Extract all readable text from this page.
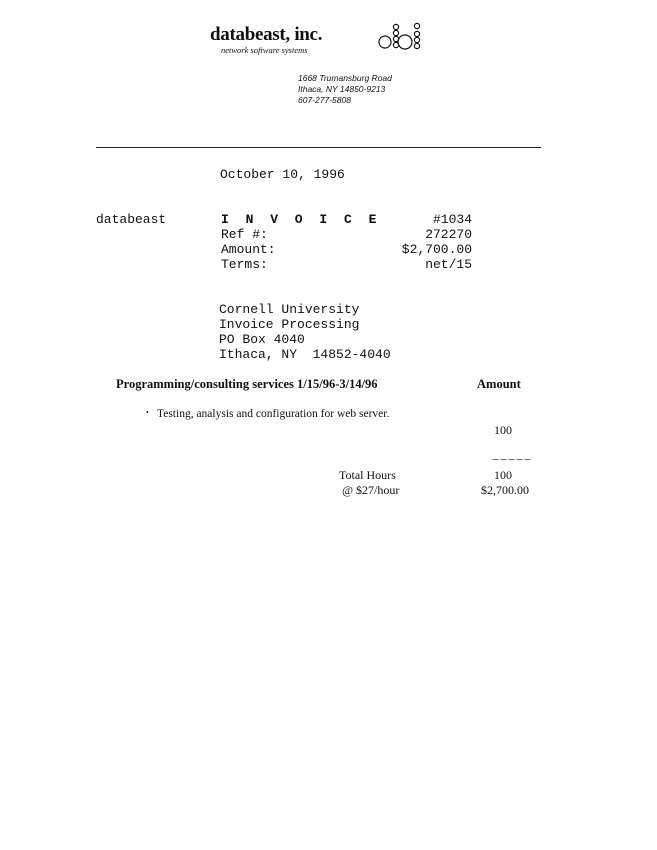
databeast, inc.
network software systems
1668 Trumansburg Road
Ithaca, NY 14850-9213
607-277-5808
October 10, 1996
databeast	I N V O I C E	#1034
Ref #:	272270
Amount:	$2,700.00
Terms:	net/15
Cornell University
Invoice Processing
PO Box 4040
Ithaca, NY  14852-4040
Programming/consulting services 1/15/96-3/14/96	Amount
• Testing, analysis and configuration for web server.
100
_ _ _ _ _
Total Hours	100
@ $27/hour	$2,700.00
